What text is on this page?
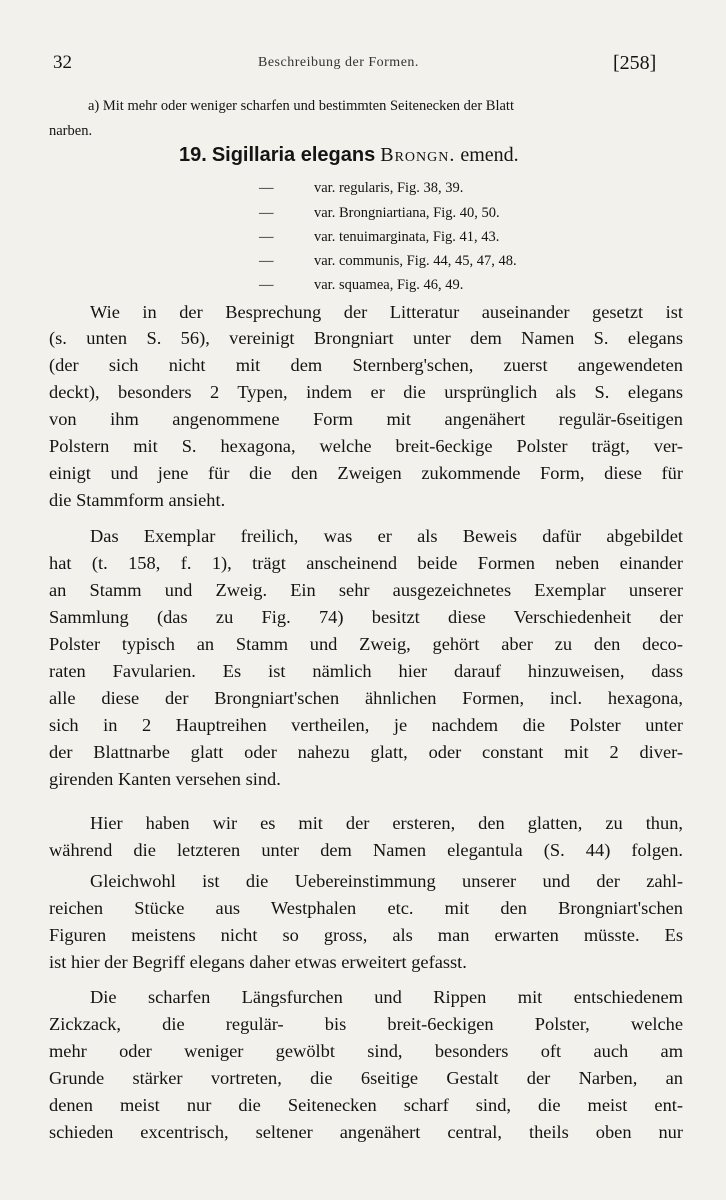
32	Beschreibung der Formen.	[258]
a) Mit mehr oder weniger scharfen und bestimmten Seitenecken der Blatt
narben.
19. Sigillaria elegans Brongn. emend.
—	var. regularis, Fig. 38, 39.
—	var. Brongniartiana, Fig. 40, 50.
—	var. tenuimarginata, Fig. 41, 43.
—	var. communis, Fig. 44, 45, 47, 48.
—	var. squamea, Fig. 46, 49.
Wie in der Besprechung der Litteratur auseinander gesetzt ist
(s. unten S. 56), vereinigt Brongniart unter dem Namen S. elegans
(der sich nicht mit dem Sternberg'schen, zuerst angewendeten
deckt), besonders 2 Typen, indem er die ursprünglich als S. elegans
von ihm angenommene Form mit angenähert regulär-6seitigen
Polstern mit S. hexagona, welche breit-6eckige Polster trägt, ver-
einigt und jene für die den Zweigen zukommende Form, diese für
die Stammform ansieht.
Das Exemplar freilich, was er als Beweis dafür abgebildet
hat (t. 158, f. 1), trägt anscheinend beide Formen neben einander
an Stamm und Zweig. Ein sehr ausgezeichnetes Exemplar unserer
Sammlung (das zu Fig. 74) besitzt diese Verschiedenheit der
Polster typisch an Stamm und Zweig, gehört aber zu den deco-
raten Favularien. Es ist nämlich hier darauf hinzuweisen, dass
alle diese der Brongniart'schen ähnlichen Formen, incl. hexagona,
sich in 2 Hauptreihen vertheilen, je nachdem die Polster unter
der Blattnarbe glatt oder nahezu glatt, oder constant mit 2 diver-
girenden Kanten versehen sind.
Hier haben wir es mit der ersteren, den glatten, zu thun,
während die letzteren unter dem Namen elegantula (S. 44) folgen.
Gleichwohl ist die Uebereinstimmung unserer und der zahl-
reichen Stücke aus Westphalen etc. mit den Brongniart'schen
Figuren meistens nicht so gross, als man erwarten müsste. Es
ist hier der Begriff elegans daher etwas erweitert gefasst.
Die scharfen Längsfurchen und Rippen mit entschiedenem
Zickzack, die regulär- bis breit-6eckigen Polster, welche
mehr oder weniger gewölbt sind, besonders oft auch am
Grunde stärker vortreten, die 6seitige Gestalt der Narben, an
denen meist nur die Seitenecken scharf sind, die meist ent-
schieden excentrisch, seltener angenähert central, theils oben nur
